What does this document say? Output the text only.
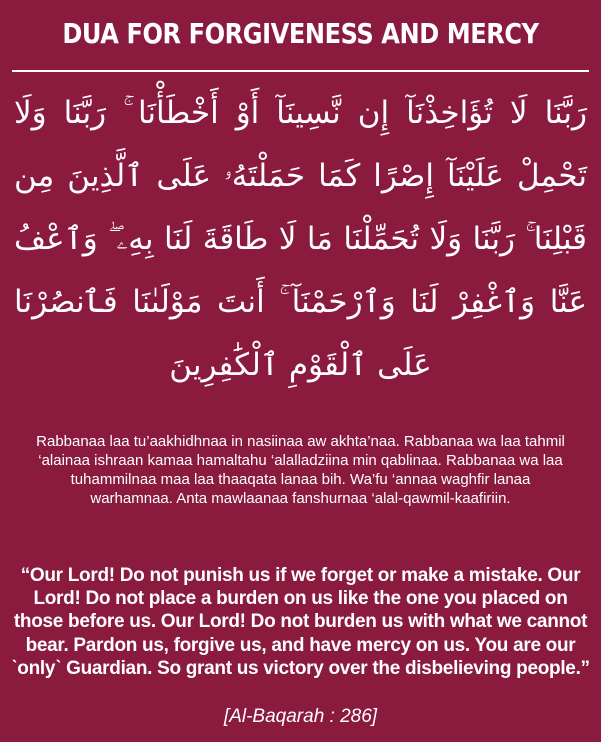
DUA FOR FORGIVENESS AND MERCY
رَبَّنَا لَا تُؤَاخِذْنَآ إِن نَّسِينَآ أَوْ أَخْطَأْنَا ۚ رَبَّنَا وَلَا تَحْمِلْ عَلَيْنَآ إِصْرًا كَمَا حَمَلْتَهُۥ عَلَى ٱلَّذِينَ مِن قَبْلِنَا ۚ رَبَّنَا وَلَا تُحَمِّلْنَا مَا لَا طَاقَةَ لَنَا بِهِۦ ۖ وَٱعْفُ عَنَّا وَٱغْفِرْ لَنَا وَٱرْحَمْنَآ ۚ أَنتَ مَوْلَىٰنَا فَٱنصُرْنَا عَلَى ٱلْقَوْمِ ٱلْكَٰفِرِينَ
Rabbanaa laa tu’aakhidhnaa in nasiinaa aw akhta’naa. Rabbanaa wa laa tahmil ‘alainaa ishraan kamaa hamaltahu ‘alalladziina min qablinaa. Rabbanaa wa laa tuhammilnaa maa laa thaaqata lanaa bih. Wa’fu ‘annaa waghfir lanaa warhamnaa. Anta mawlaanaa fanshurnaa ‘alal-qawmil-kaafiriin.
“Our Lord! Do not punish us if we forget or make a mistake. Our Lord! Do not place a burden on us like the one you placed on those before us. Our Lord! Do not burden us with what we cannot bear. Pardon us, forgive us, and have mercy on us. You are our ˋonlyˋ Guardian. So grant us victory over the disbelieving people.”
[Al-Baqarah : 286]
